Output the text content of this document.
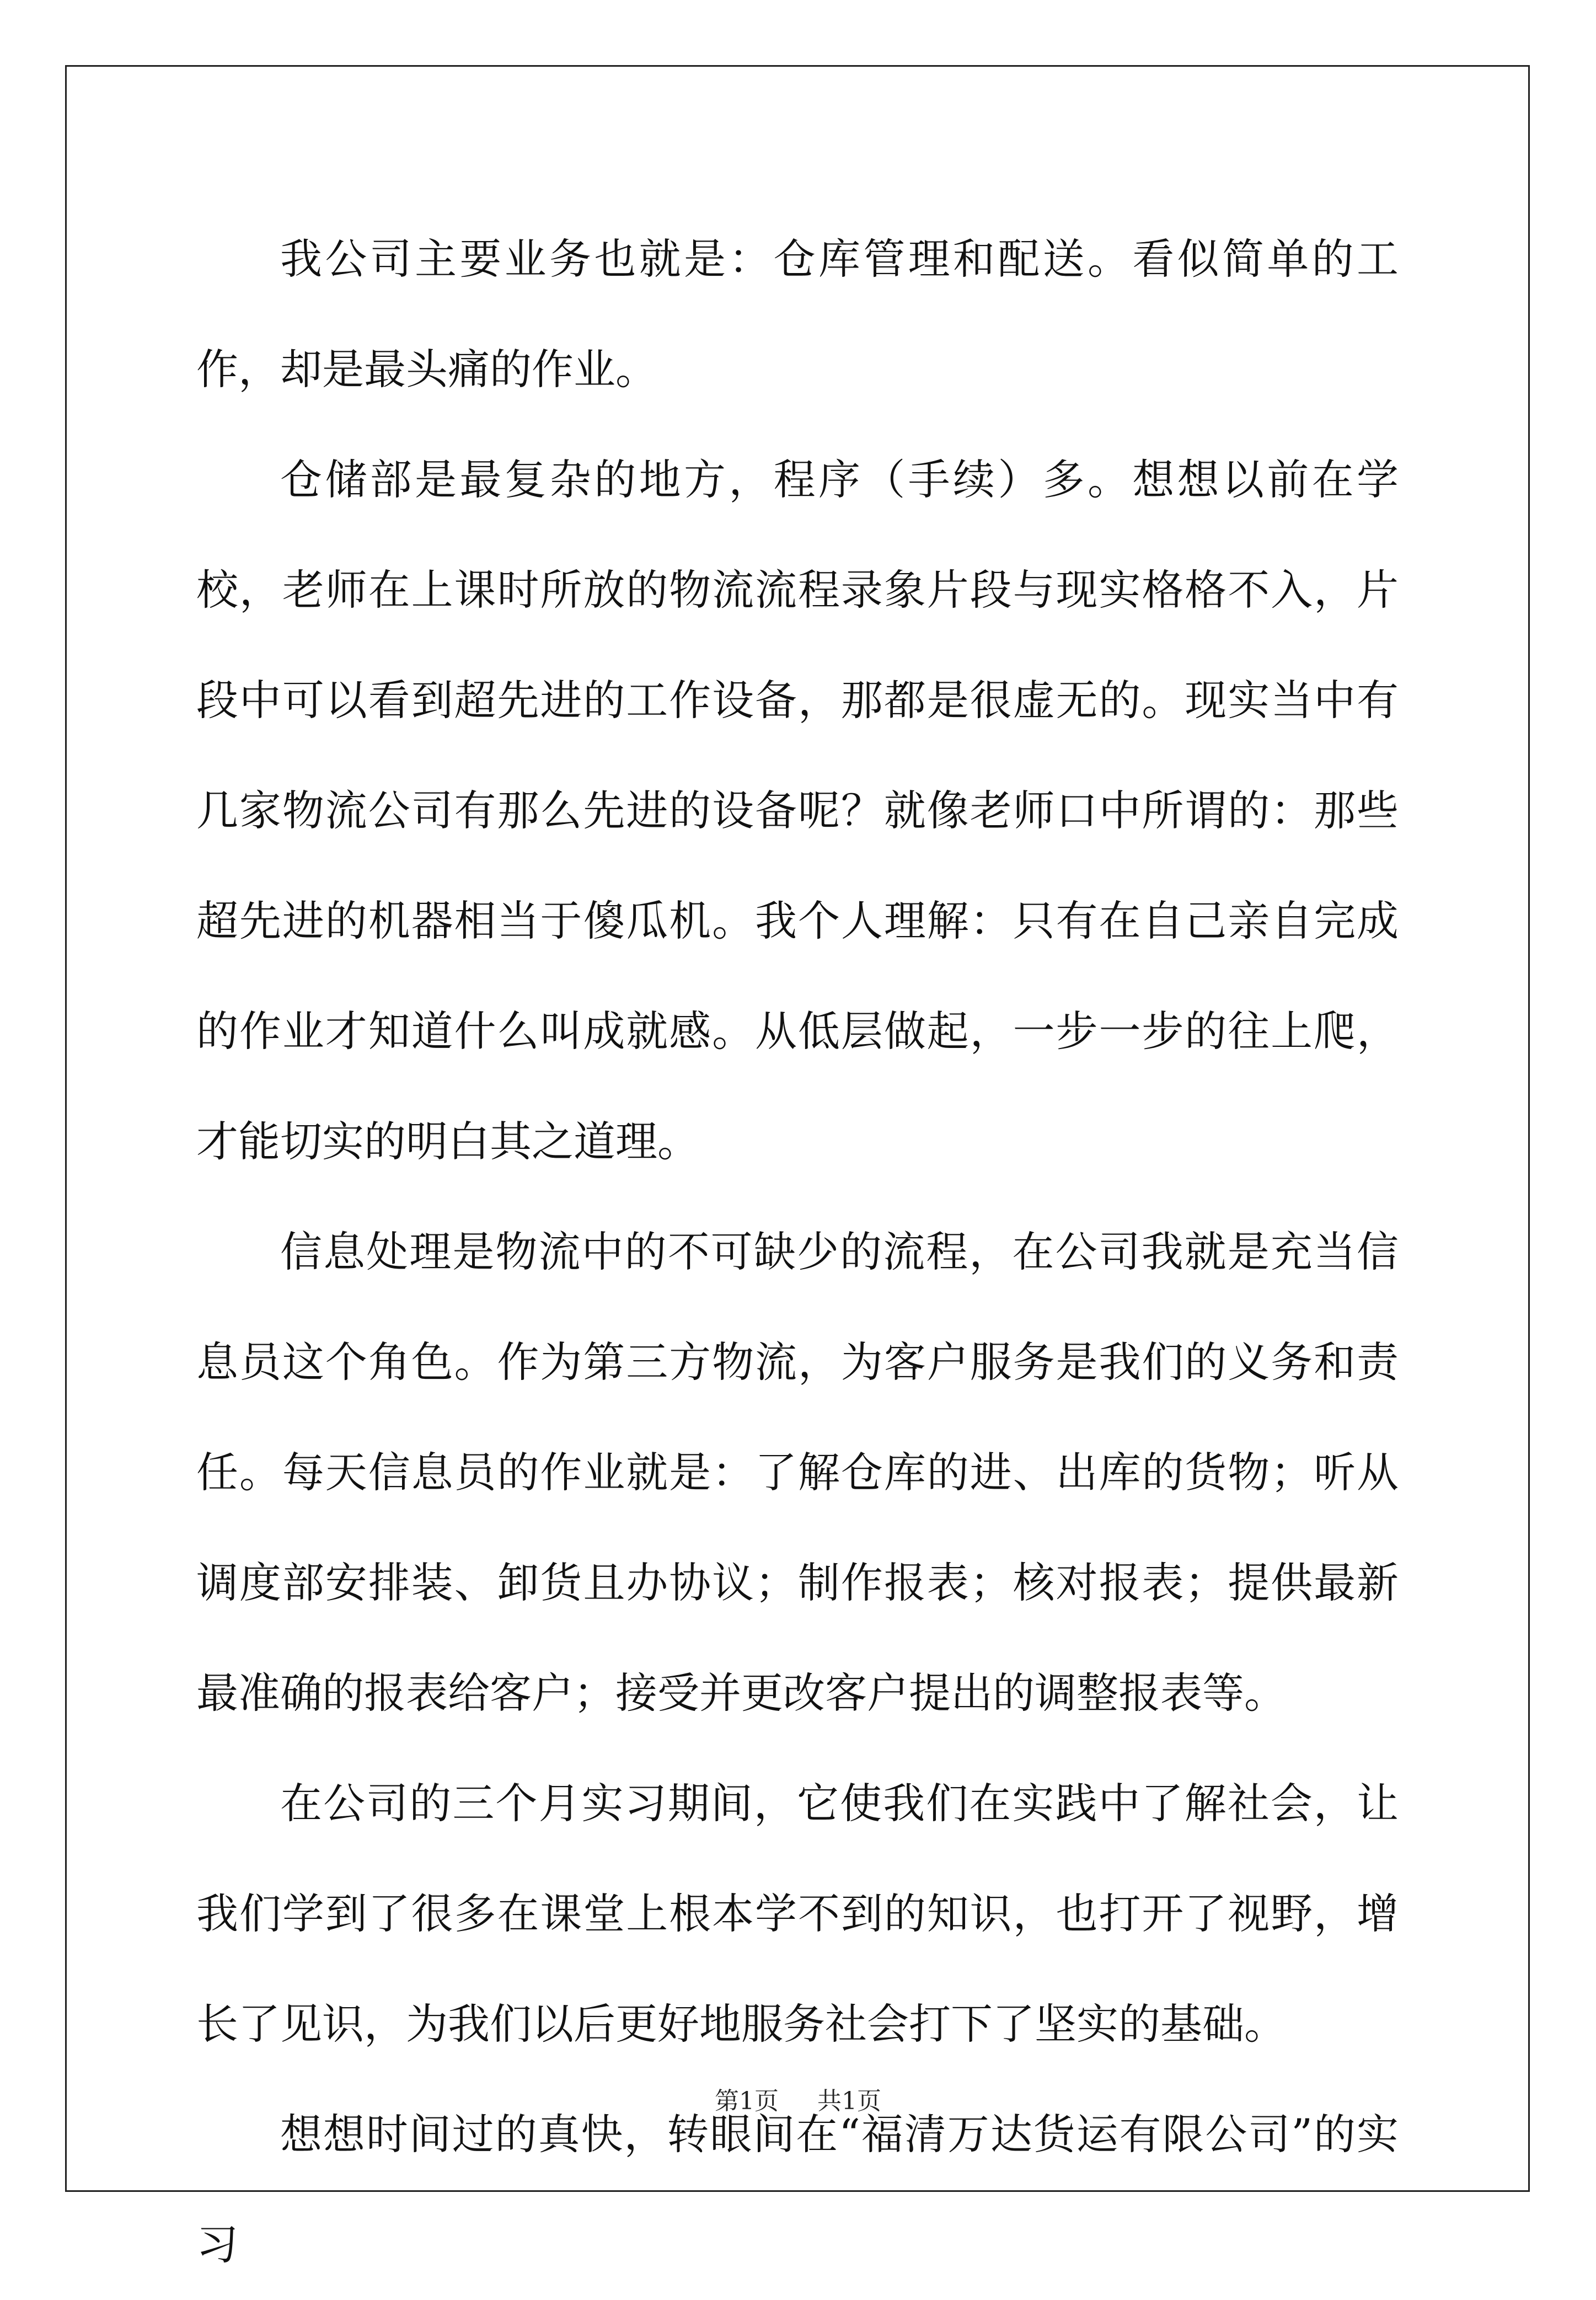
我公司主要业务也就是：仓库管理和配送。看似简单的工作，却是最头痛的作业。

仓储部是最复杂的地方，程序（手续）多。想想以前在学校，老师在上课时所放的物流流程录象片段与现实格格不入，片段中可以看到超先进的工作设备，那都是很虚无的。现实当中有几家物流公司有那么先进的设备呢？就像老师口中所谓的：那些超先进的机器相当于傻瓜机。我个人理解：只有在自己亲自完成的作业才知道什么叫成就感。从低层做起，一步一步的往上爬，才能切实的明白其之道理。

信息处理是物流中的不可缺少的流程，在公司我就是充当信息员这个角色。作为第三方物流，为客户服务是我们的义务和责任。每天信息员的作业就是：了解仓库的进、出库的货物；听从调度部安排装、卸货且办协议；制作报表；核对报表；提供最新最准确的报表给客户；接受并更改客户提出的调整报表等。

在公司的三个月实习期间，它使我们在实践中了解社会，让我们学到了很多在课堂上根本学不到的知识，也打开了视野，增长了见识，为我们以后更好地服务社会打下了坚实的基础。

想想时间过的真快，转眼间在“福清万达货运有限公司”的实习

第1页 共1页
